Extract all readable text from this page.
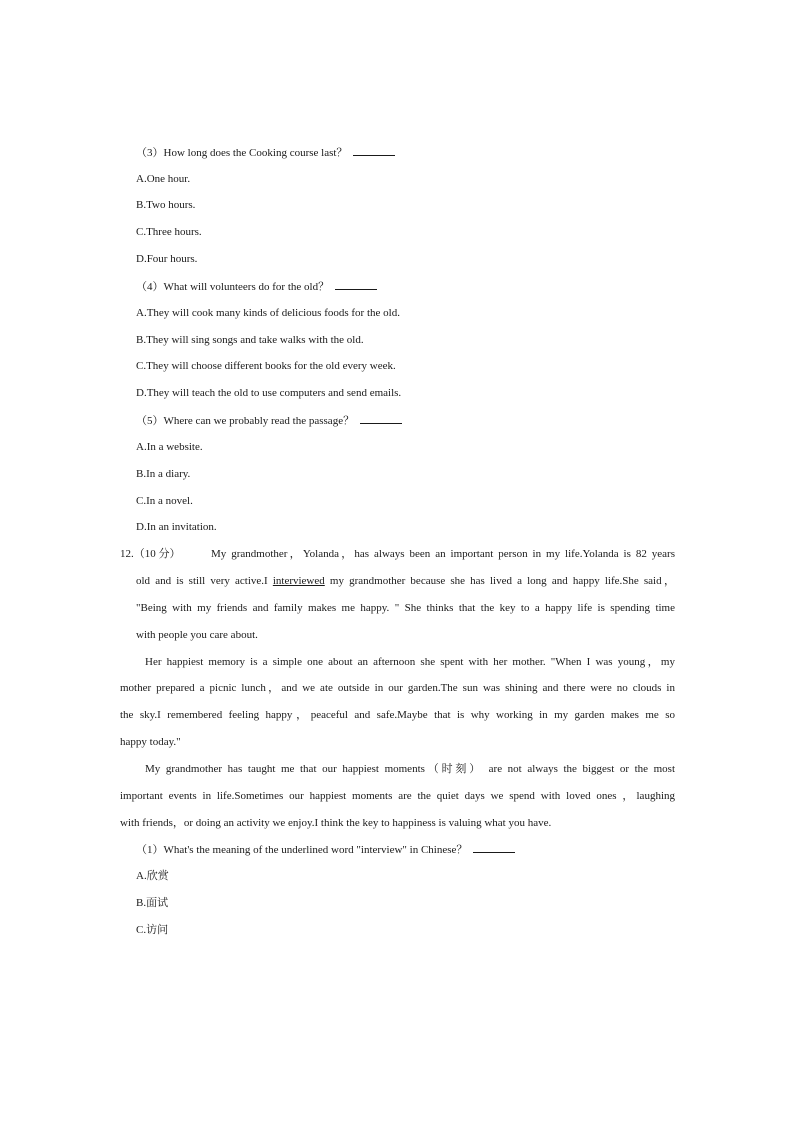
（3）How long does the Cooking course last？
A.One hour.
B.Two hours.
C.Three hours.
D.Four hours.
（4）What will volunteers do for the old？
A.They will cook many kinds of delicious foods for the old.
B.They will sing songs and take walks with the old.
C.They will choose different books for the old every week.
D.They will teach the old to use computers and send emails.
（5）Where can we probably read the passage？
A.In a website.
B.In a diary.
C.In a novel.
D.In an invitation.
12.（10 分）	My grandmother，Yolanda，has always been an important person in my life.Yolanda is 82 years
old and is still very active.I interviewed my grandmother because she has lived a long and happy life.She said，
"Being with my friends and family makes me happy. " She thinks that the key to a happy life is spending time
with people you care about.
Her happiest memory is a simple one about an afternoon she spent with her mother. "When I was young，my
mother prepared a picnic lunch，and we ate outside in our garden.The sun was shining and there were no clouds in
the sky.I remembered feeling happy，peaceful and safe.Maybe that is why working in my garden makes me so
happy today."
My grandmother has taught me that our happiest moments（时刻） are not always the biggest or the most
important events in life.Sometimes our happiest moments are the quiet days we spend with loved ones ，laughing
with friends，or doing an activity we enjoy.I think the key to happiness is valuing what you have.
（1）What's the meaning of the underlined word "interview" in Chinese？
A.欣赏
B.面试
C.访问
